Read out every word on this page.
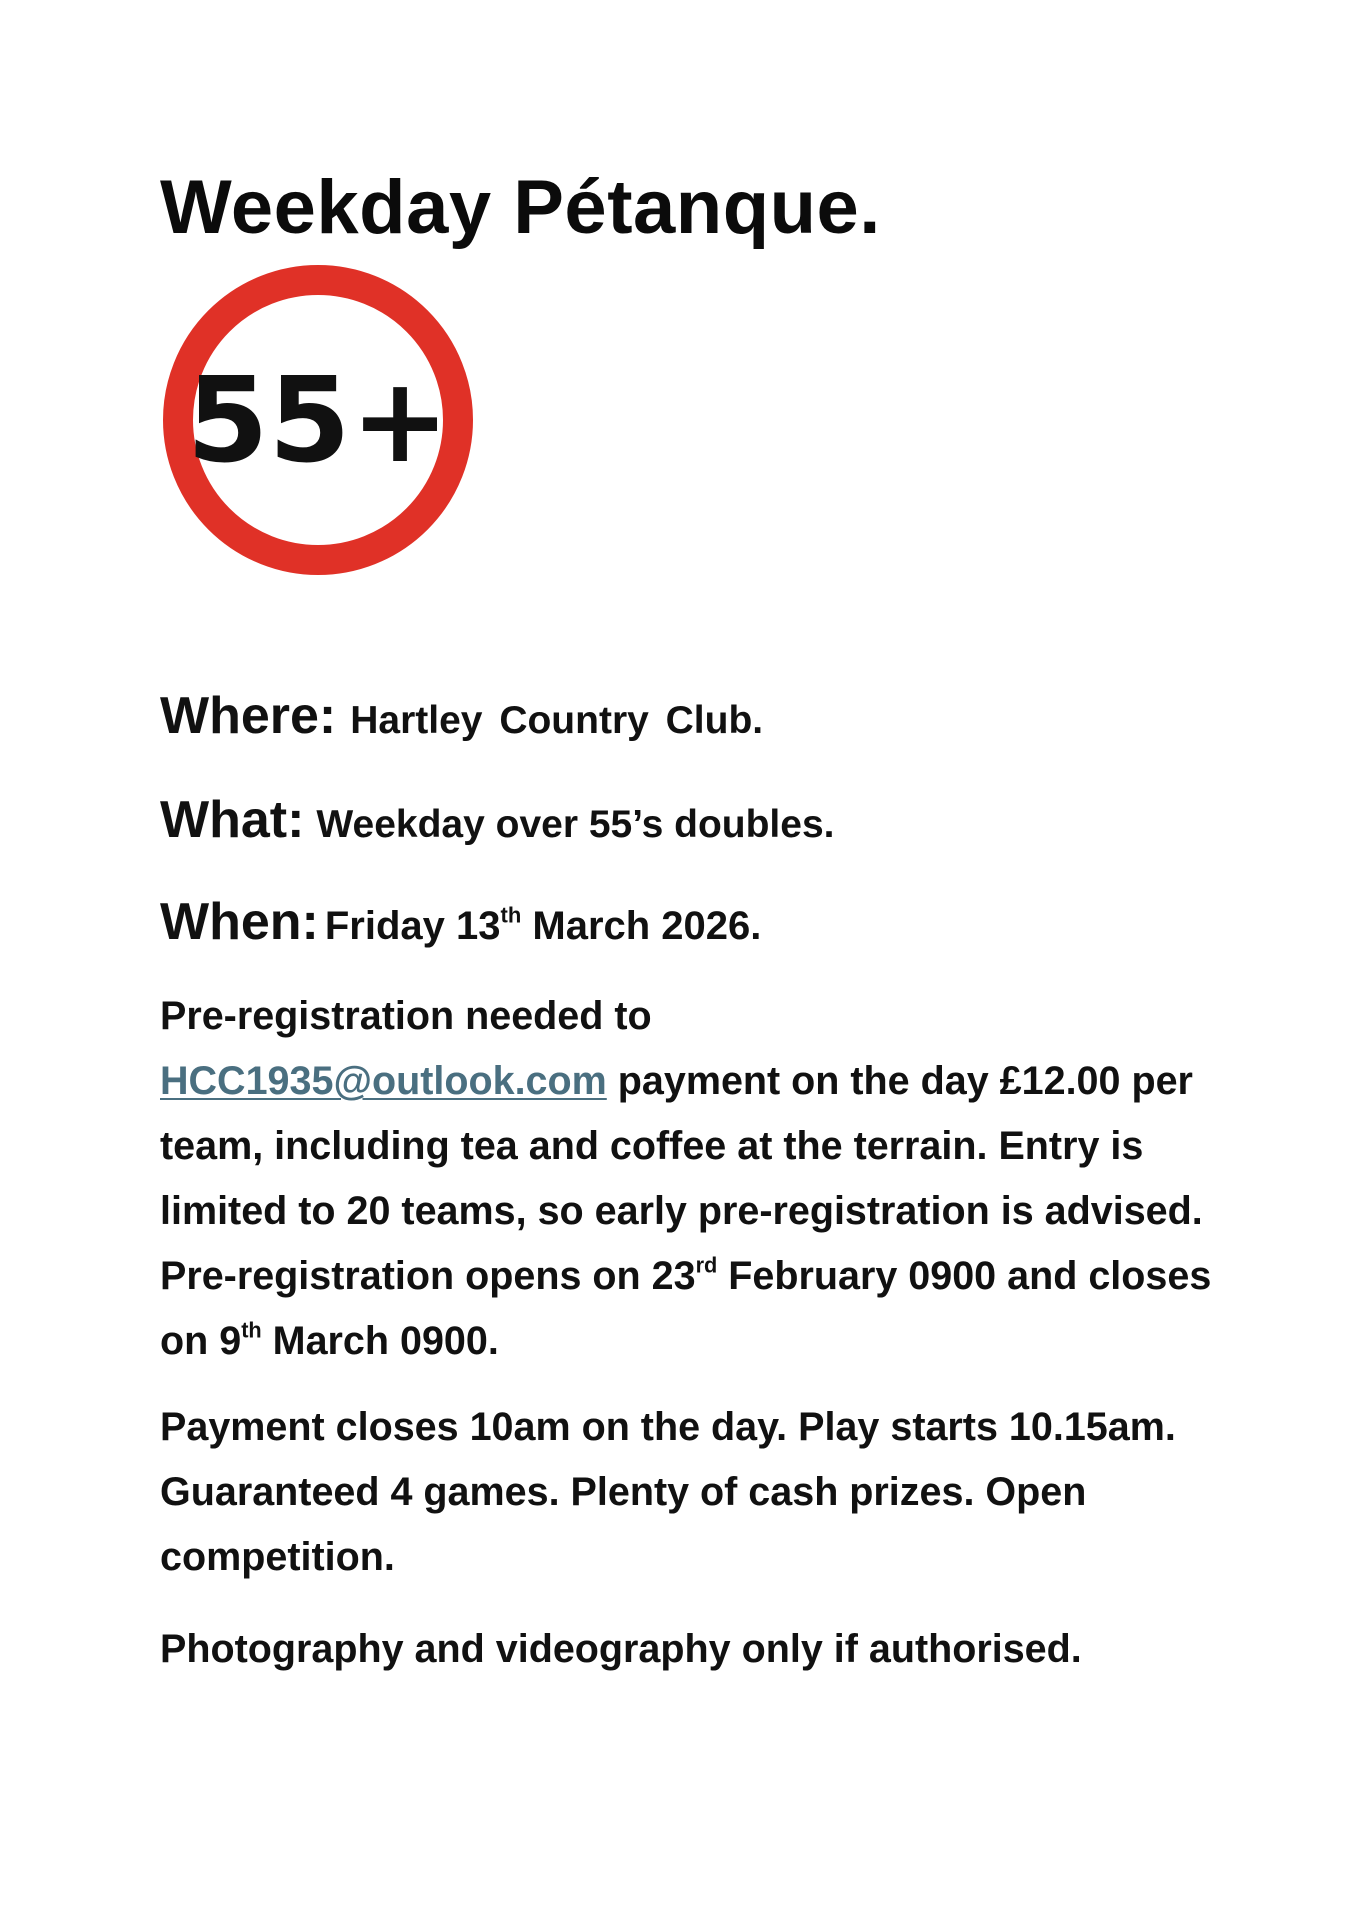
Weekday Pétanque.
55+
Where: Hartley Country Club.
What: Weekday over 55’s doubles.
When: Friday 13th March 2026.

Pre-registration needed to
HCC1935@outlook.com payment on the day £12.00 per team, including tea and coffee at the terrain. Entry is limited to 20 teams, so early pre-registration is advised. Pre-registration opens on 23rd February 0900 and closes on 9th March 0900.

Payment closes 10am on the day. Play starts 10.15am. Guaranteed 4 games. Plenty of cash prizes. Open competition.

Photography and videography only if authorised.
